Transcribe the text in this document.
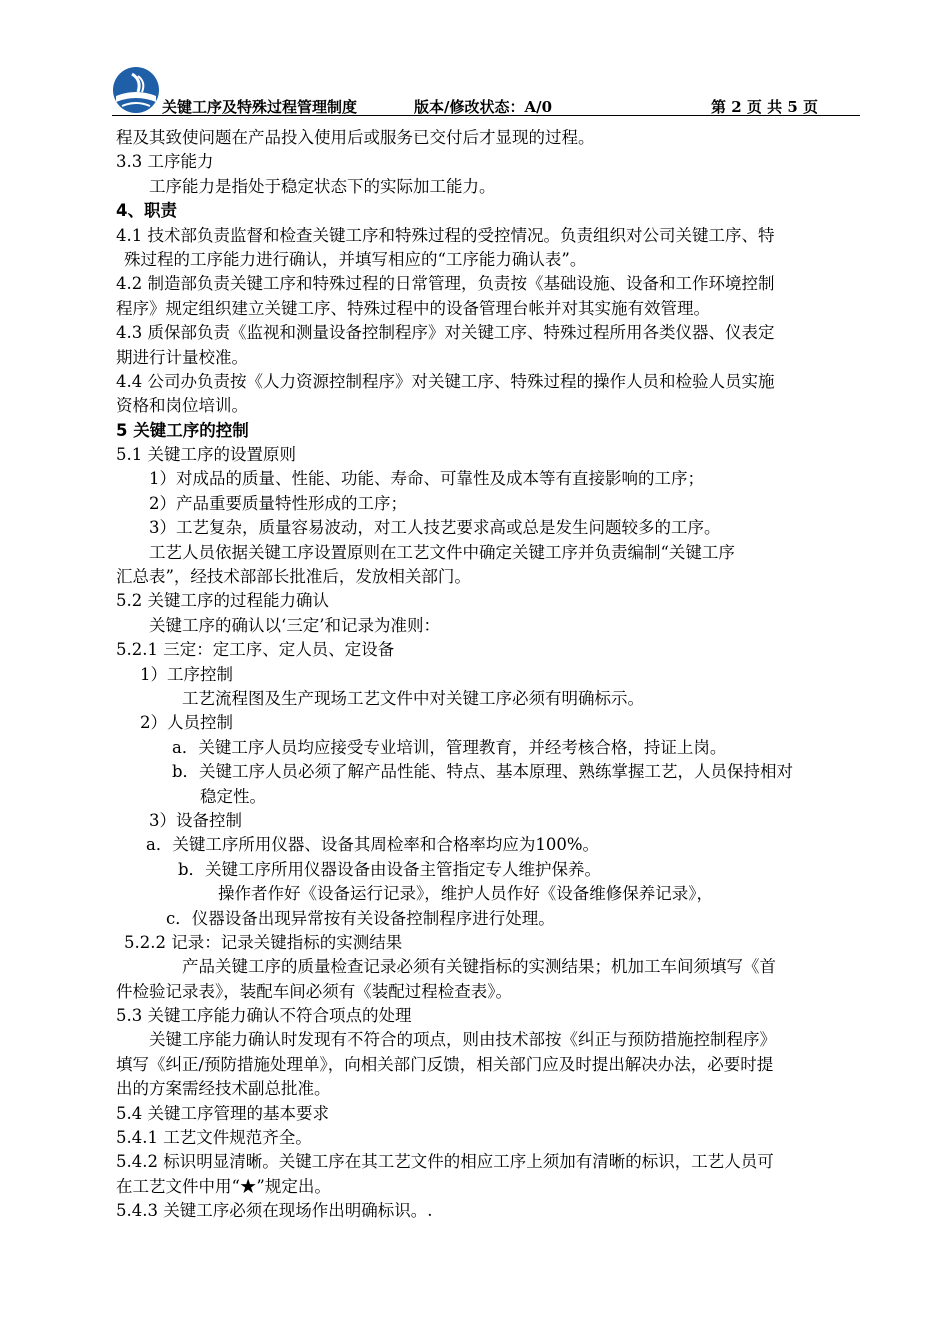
关键工序及特殊过程管理制度	版本/修改状态：A/0	第 2 页 共 5 页
程及其致使问题在产品投入使用后或服务已交付后才显现的过程。
3.3 工序能力
工序能力是指处于稳定状态下的实际加工能力。
4、职责
4.1 技术部负责监督和检查关键工序和特殊过程的受控情况。负责组织对公司关键工序、特
殊过程的工序能力进行确认，并填写相应的“工序能力确认表”。
4.2 制造部负责关键工序和特殊过程的日常管理，负责按《基础设施、设备和工作环境控制
程序》规定组织建立关键工序、特殊过程中的设备管理台帐并对其实施有效管理。
4.3 质保部负责《监视和测量设备控制程序》对关键工序、特殊过程所用各类仪器、仪表定
期进行计量校准。
4.4 公司办负责按《人力资源控制程序》对关键工序、特殊过程的操作人员和检验人员实施
资格和岗位培训。
5 关键工序的控制
5.1 关键工序的设置原则
1）对成品的质量、性能、功能、寿命、可靠性及成本等有直接影响的工序；
2）产品重要质量特性形成的工序；
3）工艺复杂，质量容易波动，对工人技艺要求高或总是发生问题较多的工序。
工艺人员依据关键工序设置原则在工艺文件中确定关键工序并负责编制“关键工序
汇总表”，经技术部部长批准后，发放相关部门。
5.2 关键工序的过程能力确认
关键工序的确认以‘三定’和记录为准则：
5.2.1 三定：定工序、定人员、定设备
1）工序控制
工艺流程图及生产现场工艺文件中对关键工序必须有明确标示。
2）人员控制
a．关键工序人员均应接受专业培训，管理教育，并经考核合格，持证上岗。
b．关键工序人员必须了解产品性能、特点、基本原理、熟练掌握工艺，人员保持相对
稳定性。
3）设备控制
a．关键工序所用仪器、设备其周检率和合格率均应为100%。
b．关键工序所用仪器设备由设备主管指定专人维护保养。
操作者作好《设备运行记录》，维护人员作好《设备维修保养记录》，
c．仪器设备出现异常按有关设备控制程序进行处理。
5.2.2 记录：记录关键指标的实测结果
产品关键工序的质量检查记录必须有关键指标的实测结果；机加工车间须填写《首
件检验记录表》，装配车间必须有《装配过程检查表》。
5.3 关键工序能力确认不符合项点的处理
关键工序能力确认时发现有不符合的项点，则由技术部按《纠正与预防措施控制程序》
填写《纠正/预防措施处理单》，向相关部门反馈，相关部门应及时提出解决办法，必要时提
出的方案需经技术副总批准。
5.4 关键工序管理的基本要求
5.4.1 工艺文件规范齐全。
5.4.2 标识明显清晰。关键工序在其工艺文件的相应工序上须加有清晰的标识，工艺人员可
在工艺文件中用“★”规定出。
5.4.3 关键工序必须在现场作出明确标识。.
